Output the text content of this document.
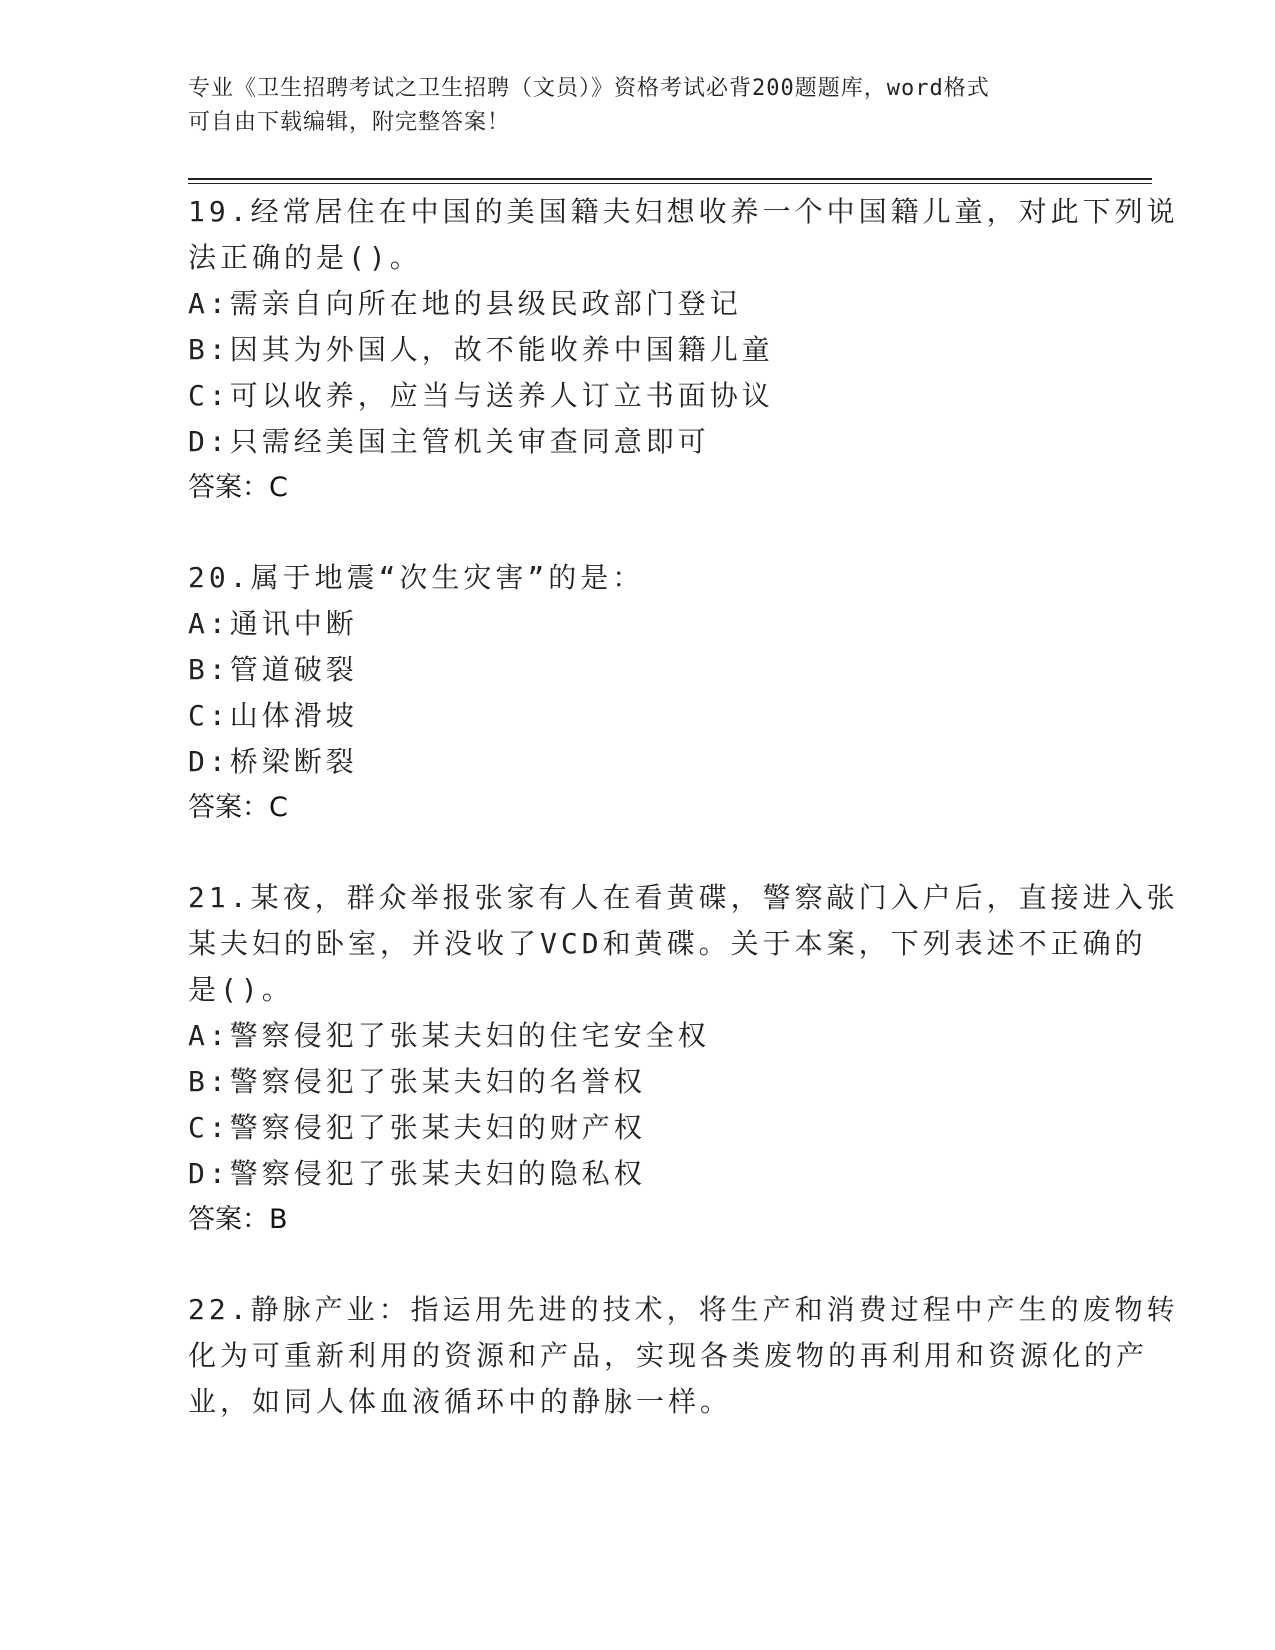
专业《卫生招聘考试之卫生招聘（文员）》资格考试必背200题题库，word格式
可自由下载编辑，附完整答案！
19.经常居住在中国的美国籍夫妇想收养一个中国籍儿童，对此下列说
法正确的是()。
A:需亲自向所在地的县级民政部门登记
B:因其为外国人，故不能收养中国籍儿童
C:可以收养，应当与送养人订立书面协议
D:只需经美国主管机关审查同意即可
答案：C
20.属于地震“次生灾害”的是：
A:通讯中断
B:管道破裂
C:山体滑坡
D:桥梁断裂
答案：C
21.某夜，群众举报张家有人在看黄碟，警察敲门入户后，直接进入张
某夫妇的卧室，并没收了VCD和黄碟。关于本案，下列表述不正确的
是()。
A:警察侵犯了张某夫妇的住宅安全权
B:警察侵犯了张某夫妇的名誉权
C:警察侵犯了张某夫妇的财产权
D:警察侵犯了张某夫妇的隐私权
答案：B
22.静脉产业：指运用先进的技术，将生产和消费过程中产生的废物转
化为可重新利用的资源和产品，实现各类废物的再利用和资源化的产
业，如同人体血液循环中的静脉一样。
